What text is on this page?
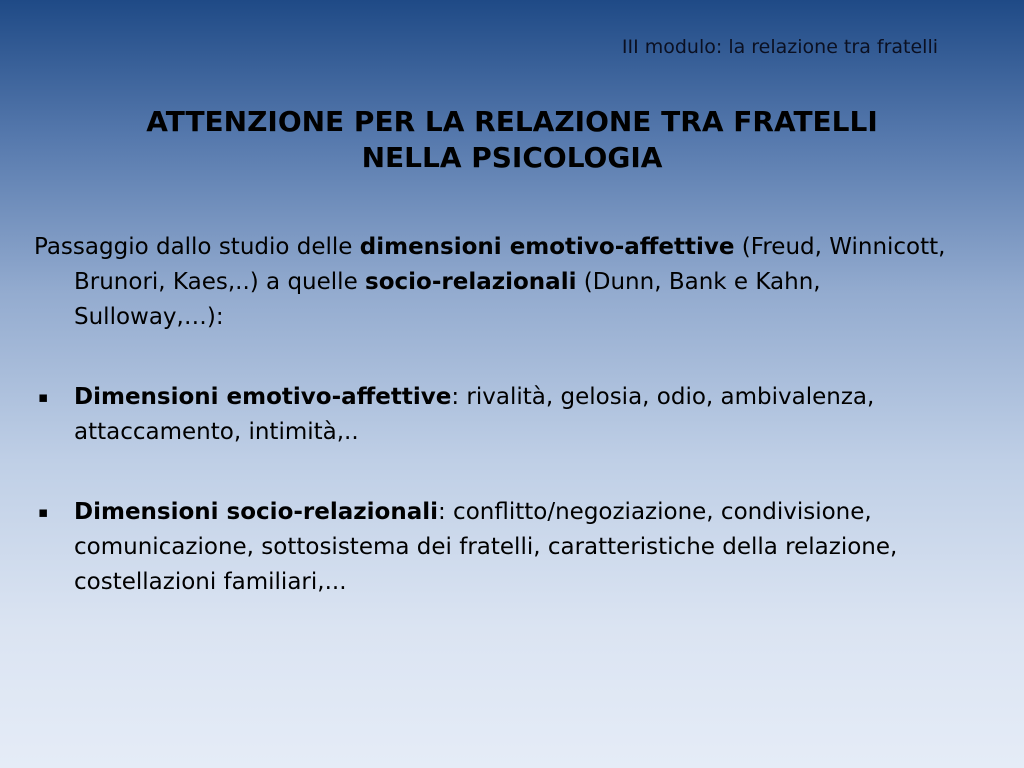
III modulo: la relazione tra fratelli
ATTENZIONE PER LA RELAZIONE TRA FRATELLI
NELLA PSICOLOGIA

Passaggio dallo studio delle dimensioni emotivo-affettive (Freud, Winnicott, Brunori, Kaes,..) a quelle socio-relazionali (Dunn, Bank e Kahn, Sulloway,…):

▪ Dimensioni emotivo-affettive: rivalità, gelosia, odio, ambivalenza, attaccamento, intimità,..

▪ Dimensioni socio-relazionali: conflitto/negoziazione, condivisione, comunicazione, sottosistema dei fratelli, caratteristiche della relazione, costellazioni familiari,...
